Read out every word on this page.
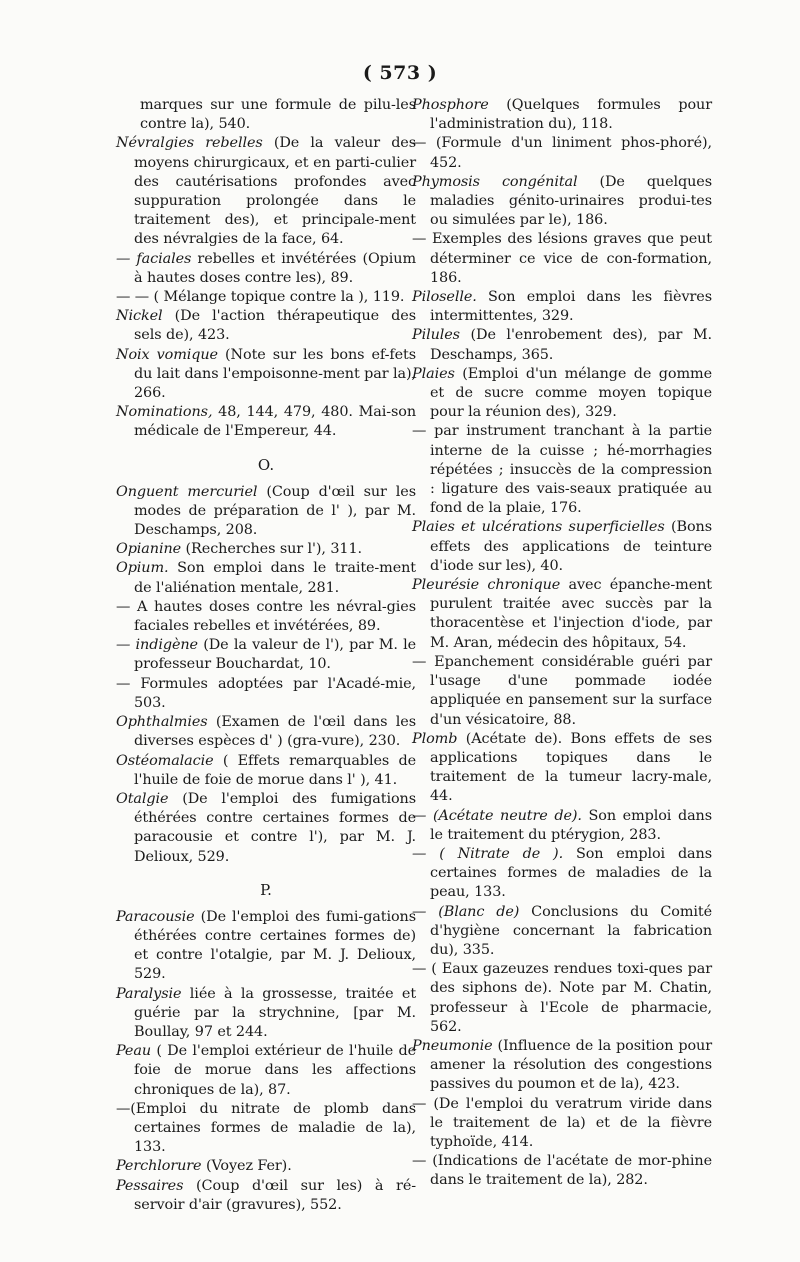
( 573 )

marques sur une formule de pilu-les contre la), 540.

Névralgies rebelles (De la valeur des moyens chirurgicaux, et en parti-culier des cautérisations profondes avec suppuration prolongée dans le traitement des), et principale-ment des névralgies de la face, 64.

— faciales rebelles et invétérées (Opium à hautes doses contre les), 89.

— — ( Mélange topique contre la ), 119.

Nickel (De l'action thérapeutique des sels de), 423.

Noix vomique (Note sur les bons ef-fets du lait dans l'empoisonne-ment par la), 266.

Nominations, 48, 144, 479, 480. Mai-son médicale de l'Empereur, 44.

O.

Onguent mercuriel (Coup d'œil sur les modes de préparation de l' ), par M. Deschamps, 208.

Opianine (Recherches sur l'), 311.

Opium. Son emploi dans le traite-ment de l'aliénation mentale, 281.

— A hautes doses contre les névral-gies faciales rebelles et invétérées, 89.

— indigène (De la valeur de l'), par M. le professeur Bouchardat, 10.

— Formules adoptées par l'Acadé-mie, 503.

Ophthalmies (Examen de l'œil dans les diverses espèces d' ) (gra-vure), 230.

Ostéomalacie ( Effets remarquables de l'huile de foie de morue dans l' ), 41.

Otalgie (De l'emploi des fumigations éthérées contre certaines formes de paracousie et contre l'), par M. J. Delioux, 529.

P.

Paracousie (De l'emploi des fumi-gations éthérées contre certaines formes de) et contre l'otalgie, par M. J. Delioux, 529.

Paralysie liée à la grossesse, traitée et guérie par la strychnine, [par M. Boullay, 97 et 244.

Peau ( De l'emploi extérieur de l'huile de foie de morue dans les affections chroniques de la), 87.

—(Emploi du nitrate de plomb dans certaines formes de maladie de la), 133.

Perchlorure (Voyez Fer).

Pessaires (Coup d'œil sur les) à ré-servoir d'air (gravures), 552.

Phosphore (Quelques formules pour l'administration du), 118.

— (Formule d'un liniment phos-phoré), 452.

Phymosis congénital (De quelques maladies génito-urinaires produi-tes ou simulées par le), 186.

— Exemples des lésions graves que peut déterminer ce vice de con-formation, 186.

Piloselle. Son emploi dans les fièvres intermittentes, 329.

Pilules (De l'enrobement des), par M. Deschamps, 365.

Plaies (Emploi d'un mélange de gomme et de sucre comme moyen topique pour la réunion des), 329.

— par instrument tranchant à la partie interne de la cuisse ; hé-morrhagies répétées ; insuccès de la compression : ligature des vais-seaux pratiquée au fond de la plaie, 176.

Plaies et ulcérations superficielles (Bons effets des applications de teinture d'iode sur les), 40.

Pleurésie chronique avec épanche-ment purulent traitée avec succès par la thoracentèse et l'injection d'iode, par M. Aran, médecin des hôpitaux, 54.

— Epanchement considérable guéri par l'usage d'une pommade iodée appliquée en pansement sur la surface d'un vésicatoire, 88.

Plomb (Acétate de). Bons effets de ses applications topiques dans le traitement de la tumeur lacry-male, 44.

— (Acétate neutre de). Son emploi dans le traitement du ptérygion, 283.

— ( Nitrate de ). Son emploi dans certaines formes de maladies de la peau, 133.

— (Blanc de) Conclusions du Comité d'hygiène concernant la fabrication du), 335.

— ( Eaux gazeuzes rendues toxi-ques par des siphons de). Note par M. Chatin, professeur à l'Ecole de pharmacie, 562.

Pneumonie (Influence de la position pour amener la résolution des congestions passives du poumon et de la), 423.

— (De l'emploi du veratrum viride dans le traitement de la) et de la fièvre typhoïde, 414.

— (Indications de l'acétate de mor-phine dans le traitement de la), 282.
